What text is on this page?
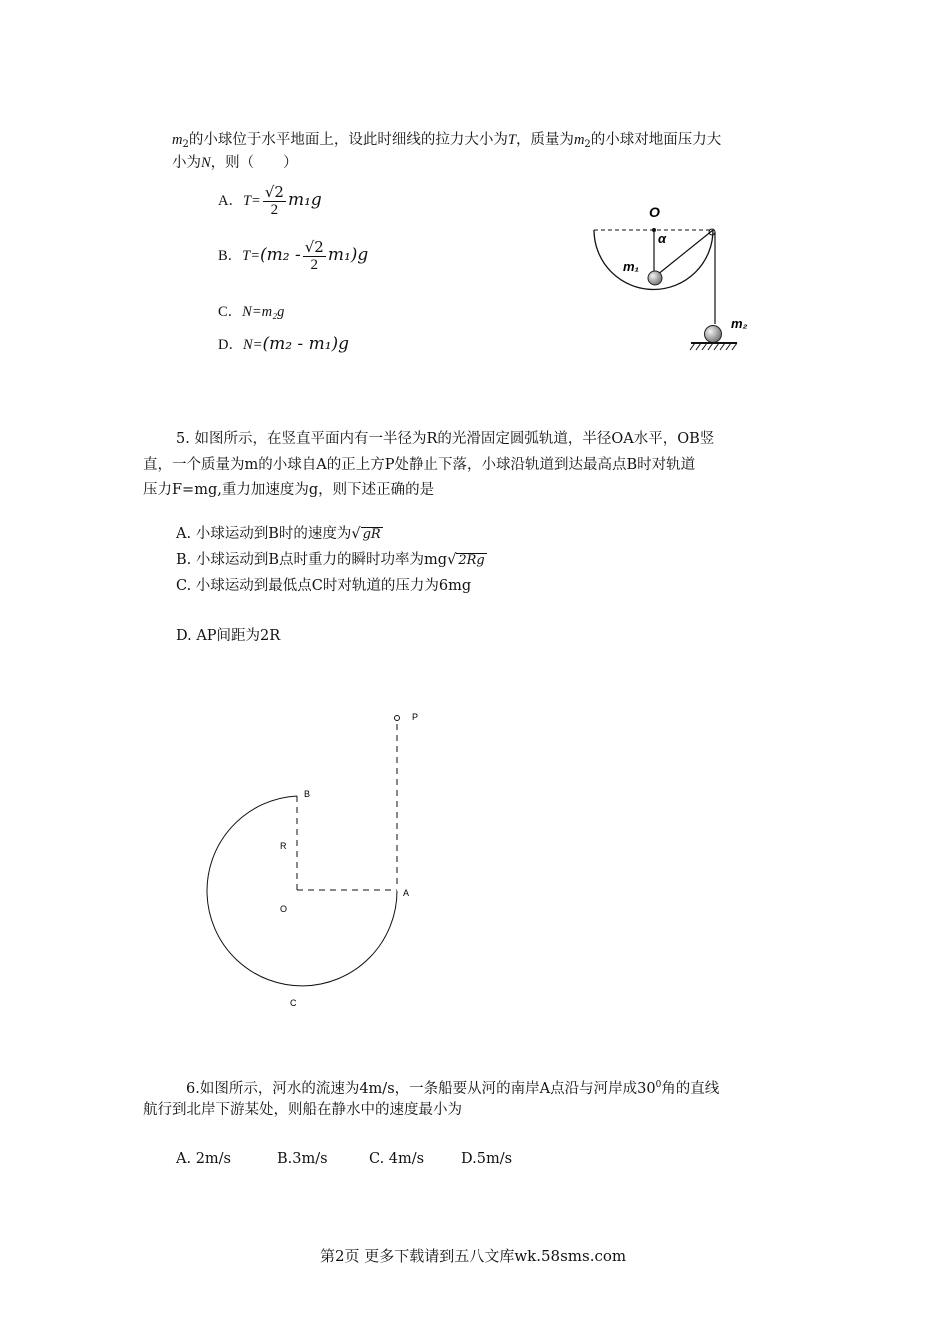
$m_2$的小球位于水平地面上，设此时细线的拉力大小为T，质量为$m_2$的小球对地面压力大
小为N，则（　　）
A．$T= \frac{√2}{2} m_1g$
B．$T=(m_2 - \frac{√2}{2} m_1)g$
C．N=m₂g
D．N=(m₂ - m₁)g
O
α
m₁
m₂
5. 如图所示，在竖直平面内有一半径为R的光滑固定圆弧轨道，半径OA水平，OB竖
直，一个质量为m的小球自A的正上方P处静止下落，小球沿轨道到达最高点B时对轨道
压力F=mg,重力加速度为g，则下述正确的是
A. 小球运动到B时的速度为√ gR
B. 小球运动到B点时重力的瞬时功率为mg√ 2Rg
C. 小球运动到最低点C时对轨道的压力为6mg
D. AP间距为2R
P
B
R
O
A
C
6.如图所示，河水的流速为4m/s，一条船要从河的南岸A点沿与河岸成$30^0$角的直线
航行到北岸下游某处，则船在静水中的速度最小为
A. 2m/s	B.3m/s	C. 4m/s	D.5m/s
第2页 更多下载请到五八文库wk.58sms.com
